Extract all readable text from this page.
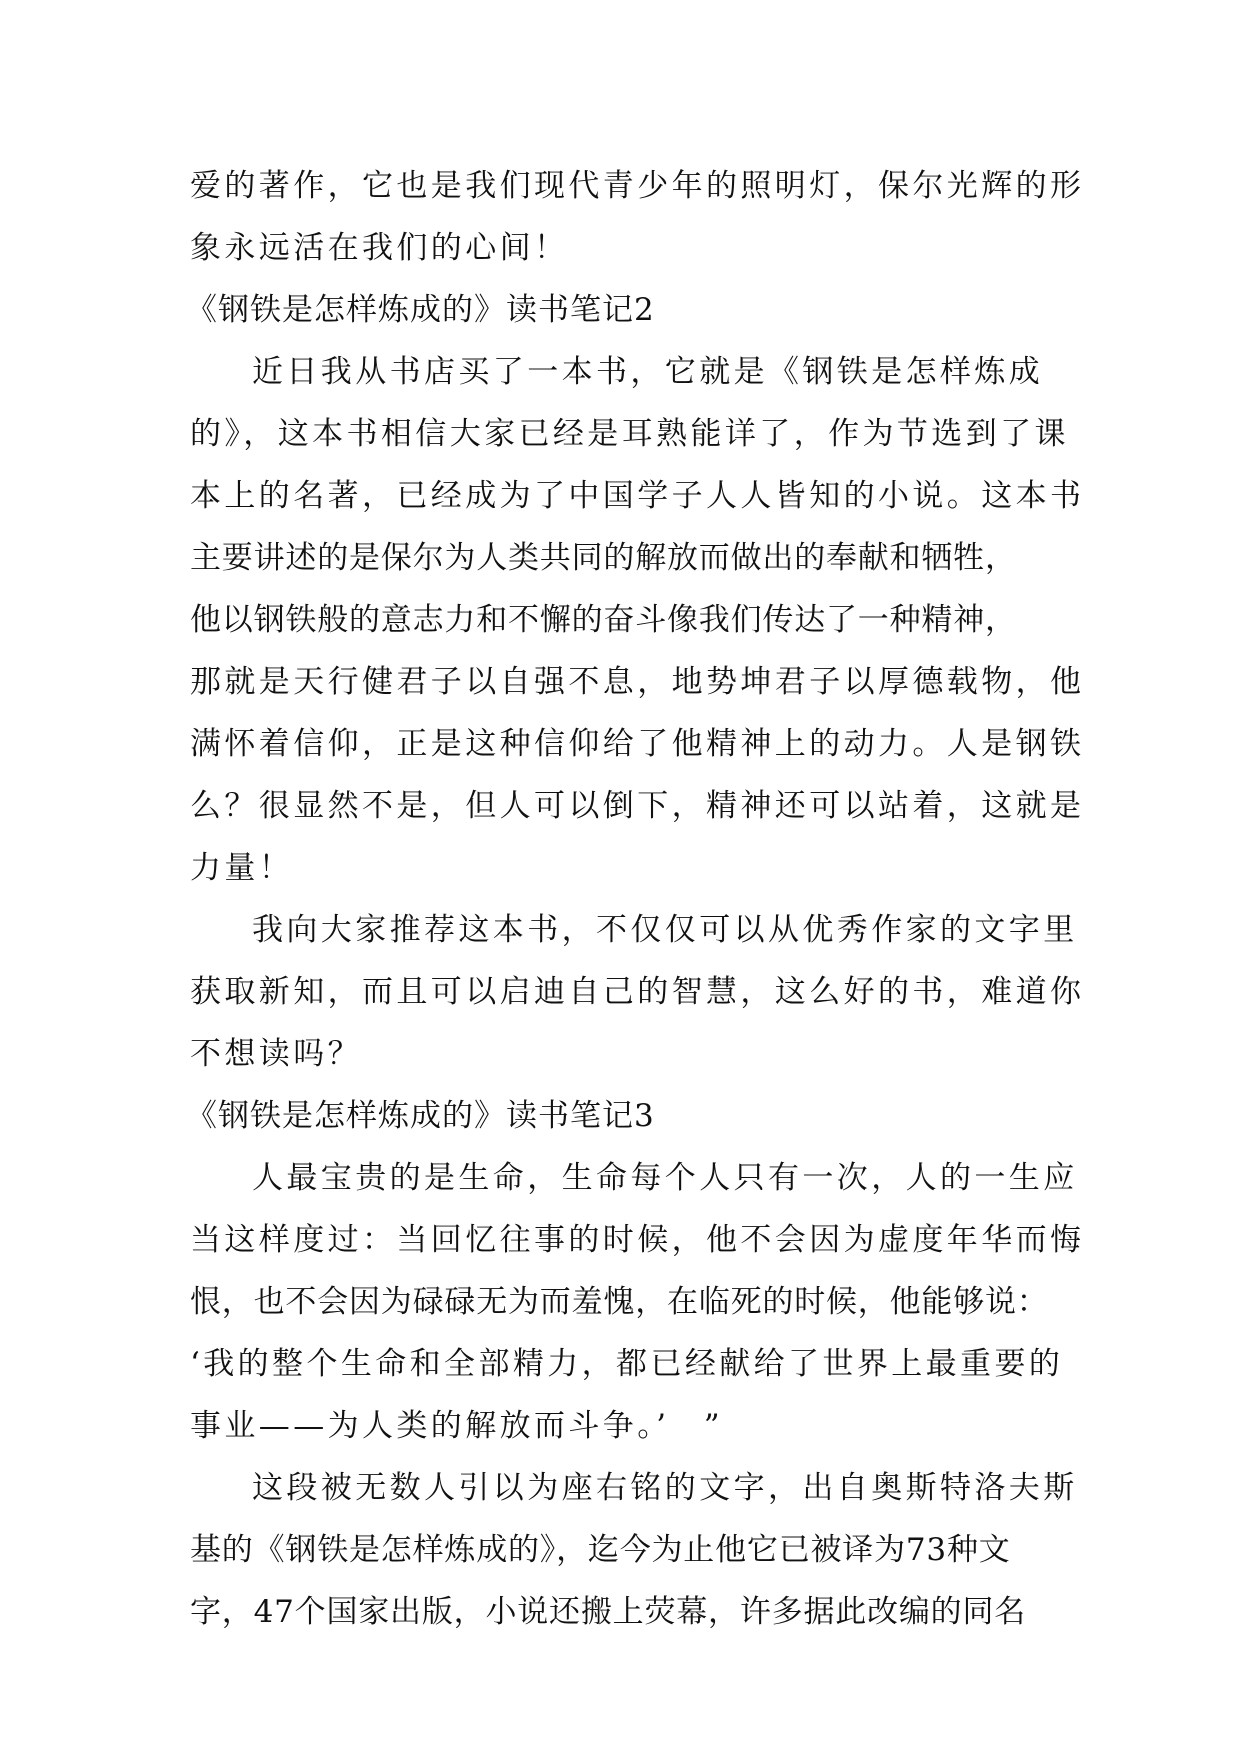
爱的著作，它也是我们现代青少年的照明灯，保尔光辉的形
象永远活在我们的心间！
《钢铁是怎样炼成的》读书笔记2
近日我从书店买了一本书，它就是《钢铁是怎样炼成
的》，这本书相信大家已经是耳熟能详了，作为节选到了课
本上的名著，已经成为了中国学子人人皆知的小说。这本书
主要讲述的是保尔为人类共同的解放而做出的奉献和牺牲，
他以钢铁般的意志力和不懈的奋斗像我们传达了一种精神，
那就是天行健君子以自强不息，地势坤君子以厚德载物，他
满怀着信仰，正是这种信仰给了他精神上的动力。人是钢铁
么？很显然不是，但人可以倒下，精神还可以站着，这就是
力量！
我向大家推荐这本书，不仅仅可以从优秀作家的文字里
获取新知，而且可以启迪自己的智慧，这么好的书，难道你
不想读吗？
《钢铁是怎样炼成的》读书笔记3
人最宝贵的是生命，生命每个人只有一次，人的一生应
当这样度过：当回忆往事的时候，他不会因为虚度年华而悔
恨，也不会因为碌碌无为而羞愧，在临死的时候，他能够说：
‘我的整个生命和全部精力，都已经献给了世界上最重要的
事业——为人类的解放而斗争。’　”
这段被无数人引以为座右铭的文字，出自奥斯特洛夫斯
基的《钢铁是怎样炼成的》，迄今为止他它已被译为73种文
字，47个国家出版，小说还搬上荧幕，许多据此改编的同名
